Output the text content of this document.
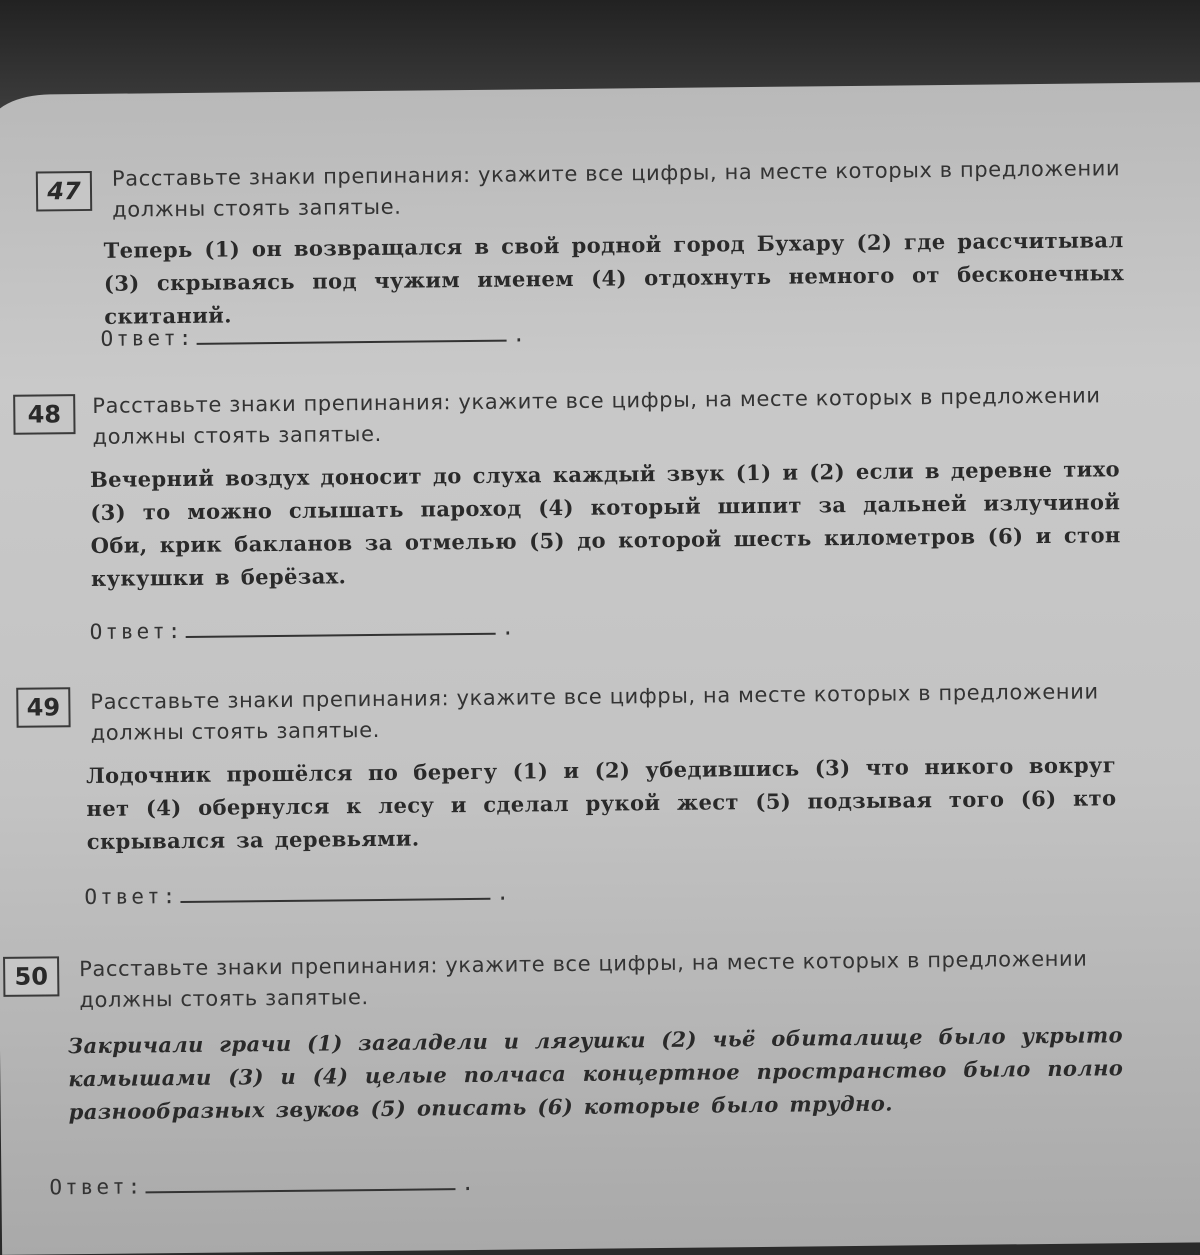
47
Расставьте знаки препинания: укажите все цифры, на месте которых в предложении должны стоять запятые.
Теперь (1) он возвращался в свой родной город Бухару (2) где рассчитывал (3) скрываясь под чужим именем (4) отдохнуть немного от бесконечных скитаний.
Ответ:	.
48	Расставьте знаки препинания: укажите все цифры, на месте которых в предложении должны стоять запятые.
Вечерний воздух доносит до слуха каждый звук (1) и (2) если в деревне тихо (3) то можно слышать пароход (4) который шипит за дальней излучиной Оби, крик бакланов за отмелью (5) до которой шесть километров (6) и стон кукушки в берёзах.
Ответ:	.
49	Расставьте знаки препинания: укажите все цифры, на месте которых в предложении должны стоять запятые.
Лодочник прошёлся по берегу (1) и (2) убедившись (3) что никого вокруг нет (4) обернулся к лесу и сделал рукой жест (5) подзывая того (6) кто скрывался за деревьями.
Ответ:	.
50	Расставьте знаки препинания: укажите все цифры, на месте которых в предложении должны стоять запятые.
Закричали грачи (1) загалдели и лягушки (2) чьё обиталище было укрыто камышами (3) и (4) целые полчаса концертное пространство было полно разнообразных звуков (5) описать (6) которые было трудно.
Ответ:	.
